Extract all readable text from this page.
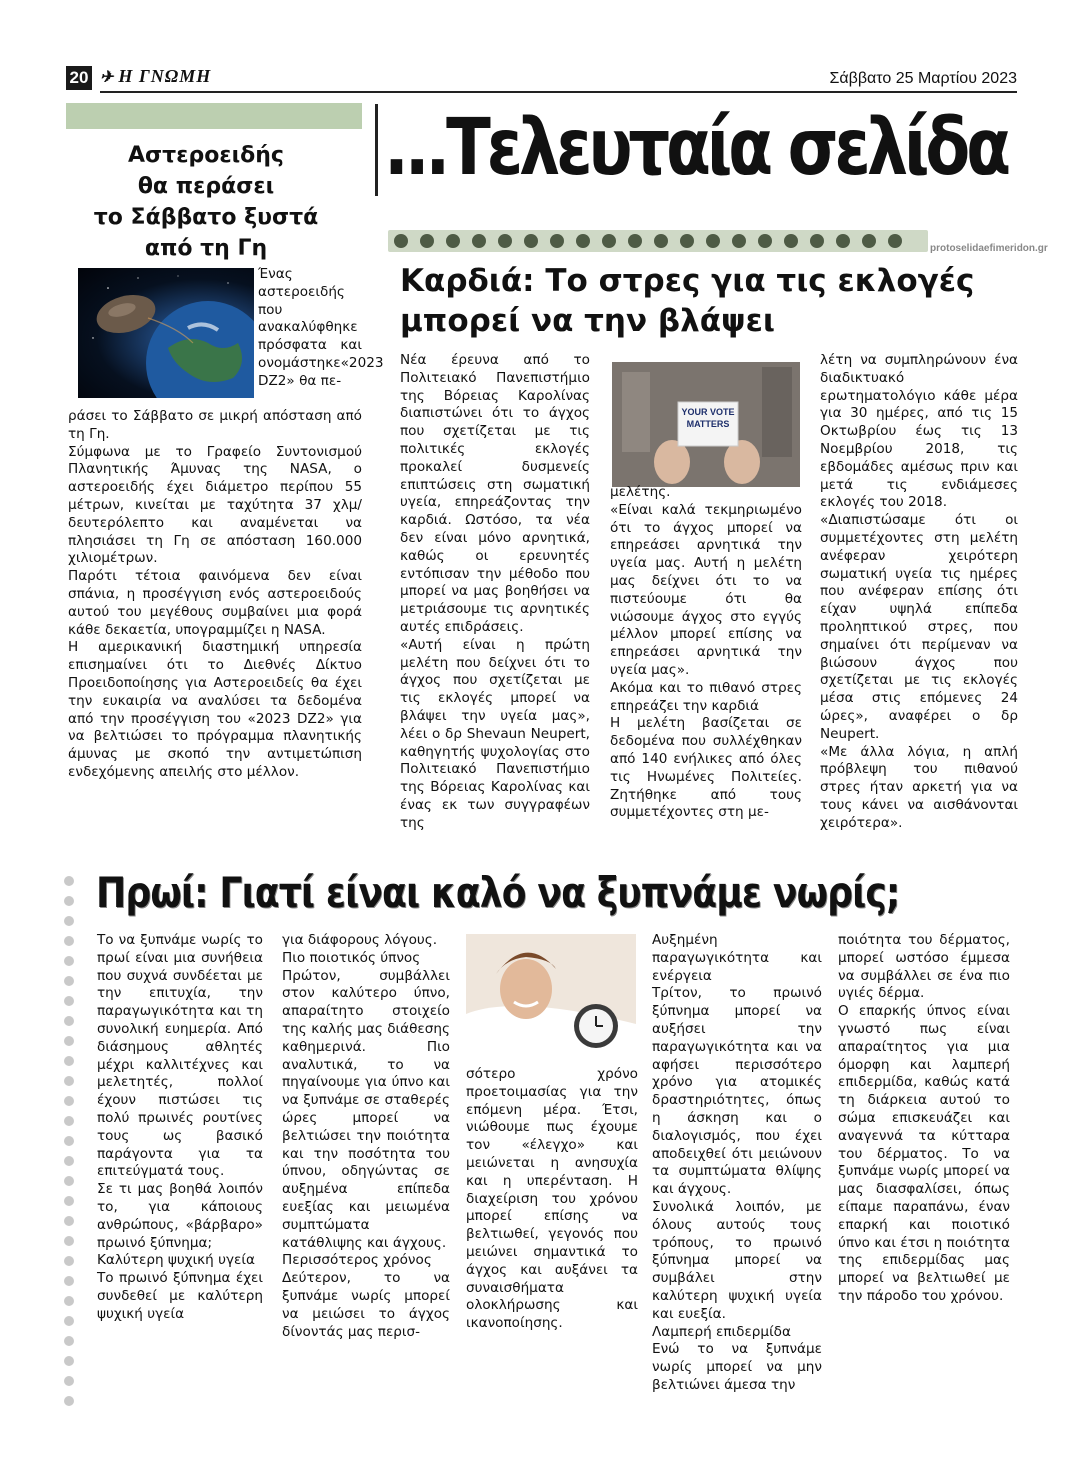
20 ✈ Η ΓΝΩΜΗ	Σάββατο 25 Μαρτίου 2023
...Τελευταία σελίδα
protoselidaefimeridon.gr
Αστεροειδής
θα περάσει
το Σάββατο ξυστά
από τη Γη
Ένας αστεροειδής που ανακαλύφθηκε πρόσφατα και ονομάστηκε«2023 DZ2» θα πε-

ράσει το Σάββατο σε μικρή απόσταση από τη Γη.

Σύμφωνα με το Γραφείο Συντονισμού Πλανητικής Άμυνας της NASA, ο αστεροειδής έχει διάμετρο περίπου 55 μέτρων, κινείται με ταχύτητα 37 χλμ/δευτερόλεπτο και αναμένεται να πλησιάσει τη Γη σε απόσταση 160.000 χιλιομέτρων.

Παρότι τέτοια φαινόμενα δεν είναι σπάνια, η προσέγγιση ενός αστεροειδούς αυτού του μεγέθους συμβαίνει μια φορά κάθε δεκαετία, υπογραμμίζει η NASA.

Η αμερικανική διαστημική υπηρεσία επισημαίνει ότι το Διεθνές Δίκτυο Προειδοποίησης για Αστεροειδείς θα έχει την ευκαιρία να αναλύσει τα δεδομένα από την προσέγγιση του «2023 DZ2» για να βελτιώσει το πρόγραμμα πλανητικής άμυνας με σκοπό την αντιμετώπιση ενδεχόμενης απειλής στο μέλλον.

Καρδιά: Το στρες για τις εκλογές μπορεί να την βλάψει

Νέα έρευνα από το Πολιτειακό Πανεπιστήμιο της Βόρειας Καρολίνας διαπιστώνει ότι το άγχος που σχετίζεται με τις πολιτικές εκλογές προκαλεί δυσμενείς επιπτώσεις στη σωματική υγεία, επηρεάζοντας την καρδιά. Ωστόσο, τα νέα δεν είναι μόνο αρνητικά, καθώς οι ερευνητές εντόπισαν την μέθοδο που μπορεί να μας βοηθήσει να μετριάσουμε τις αρνητικές αυτές επιδράσεις.

«Αυτή είναι η πρώτη μελέτη που δείχνει ότι το άγχος που σχετίζεται με τις εκλογές μπορεί να βλάψει την υγεία μας», λέει ο δρ Shevaun Neupert, καθηγητής ψυχολογίας στο Πολιτειακό Πανεπιστήμιο της Βόρειας Καρολίνας και ένας εκ των συγγραφέων της

YOUR VOTE MATTERS

μελέτης.

«Είναι καλά τεκμηριωμένο ότι το άγχος μπορεί να επηρεάσει αρνητικά την υγεία μας. Αυτή η μελέτη μας δείχνει ότι το να πιστεύουμε ότι θα νιώσουμε άγχος στο εγγύς μέλλον μπορεί επίσης να επηρεάσει αρνητικά την υγεία μας».

Ακόμα και το πιθανό στρες επηρεάζει την καρδιά

Η μελέτη βασίζεται σε δεδομένα που συλλέχθηκαν από 140 ενήλικες από όλες τις Ηνωμένες Πολιτείες. Ζητήθηκε από τους συμμετέχοντες στη με-

λέτη να συμπληρώνουν ένα διαδικτυακό ερωτηματολόγιο κάθε μέρα για 30 ημέρες, από τις 15 Οκτωβρίου έως τις 13 Νοεμβρίου 2018, τις εβδομάδες αμέσως πριν και μετά τις ενδιάμεσες εκλογές του 2018.

«Διαπιστώσαμε ότι οι συμμετέχοντες στη μελέτη ανέφεραν χειρότερη σωματική υγεία τις ημέρες που ανέφεραν επίσης ότι είχαν υψηλά επίπεδα προληπτικού στρες, που σημαίνει ότι περίμεναν να βιώσουν άγχος που σχετίζεται με τις εκλογές μέσα στις επόμενες 24 ώρες», αναφέρει ο δρ Neupert.

«Με άλλα λόγια, η απλή πρόβλεψη του πιθανού στρες ήταν αρκετή για να τους κάνει να αισθάνονται χειρότερα».

Πρωί: Γιατί είναι καλό να ξυπνάμε νωρίς;

Το να ξυπνάμε νωρίς το πρωί είναι μια συνήθεια που συχνά συνδέεται με την επιτυχία, την παραγωγικότητα και τη συνολική ευημερία. Από διάσημους αθλητές μέχρι καλλιτέχνες και μελετητές, πολλοί έχουν πιστώσει τις πολύ πρωινές ρουτίνες τους ως βασικό παράγοντα για τα επιτεύγματά τους.

Σε τι μας βοηθά λοιπόν το, για κάποιους ανθρώπους, «βάρβαρο» πρωινό ξύπνημα;

Καλύτερη ψυχική υγεία

Το πρωινό ξύπνημα έχει συνδεθεί με καλύτερη ψυχική υγεία

για διάφορους λόγους.

Πιο ποιοτικός ύπνος

Πρώτον, συμβάλλει στον καλύτερο ύπνο, απαραίτητο στοιχείο της καλής μας διάθεσης καθημερινά. Πιο αναλυτικά, το να πηγαίνουμε για ύπνο και να ξυπνάμε σε σταθερές ώρες μπορεί να βελτιώσει την ποιότητα και την ποσότητα του ύπνου, οδηγώντας σε αυξημένα επίπεδα ευεξίας και μειωμένα συμπτώματα κατάθλιψης και άγχους.

Περισσότερος χρόνος

Δεύτερον, το να ξυπνάμε νωρίς μπορεί να μειώσει το άγχος δίνοντάς μας περισ-

σότερο χρόνο προετοιμασίας για την επόμενη μέρα. Έτσι, νιώθουμε πως έχουμε τον «έλεγχο» και μειώνεται η ανησυχία και η υπερένταση. Η διαχείριση του χρόνου μπορεί επίσης να βελτιωθεί, γεγονός που μειώνει σημαντικά το άγχος και αυξάνει τα συναισθήματα ολοκλήρωσης και ικανοποίησης.

Αυξημένη παραγωγικότητα και ενέργεια

Τρίτον, το πρωινό ξύπνημα μπορεί να αυξήσει την παραγωγικότητα και να αφήσει περισσότερο χρόνο για ατομικές δραστηριότητες, όπως η άσκηση και ο διαλογισμός, που έχει αποδειχθεί ότι μειώνουν τα συμπτώματα θλίψης και άγχους.

Συνολικά λοιπόν, με όλους αυτούς τους τρόπους, το πρωινό ξύπνημα μπορεί να συμβάλει στην καλύτερη ψυχική υγεία και ευεξία.

Λαμπερή επιδερμίδα

Ενώ το να ξυπνάμε νωρίς μπορεί να μην βελτιώνει άμεσα την

ποιότητα του δέρματος, μπορεί ωστόσο έμμεσα να συμβάλλει σε ένα πιο υγιές δέρμα.

Ο επαρκής ύπνος είναι γνωστό πως είναι απαραίτητος για μια όμορφη και λαμπερή επιδερμίδα, καθώς κατά τη διάρκεια αυτού το σώμα επισκευάζει και αναγεννά τα κύτταρα του δέρματος. Το να ξυπνάμε νωρίς μπορεί να μας διασφαλίσει, όπως είπαμε παραπάνω, έναν επαρκή και ποιοτικό ύπνο και έτσι η ποιότητα της επιδερμίδας μας μπορεί να βελτιωθεί με την πάροδο του χρόνου.
